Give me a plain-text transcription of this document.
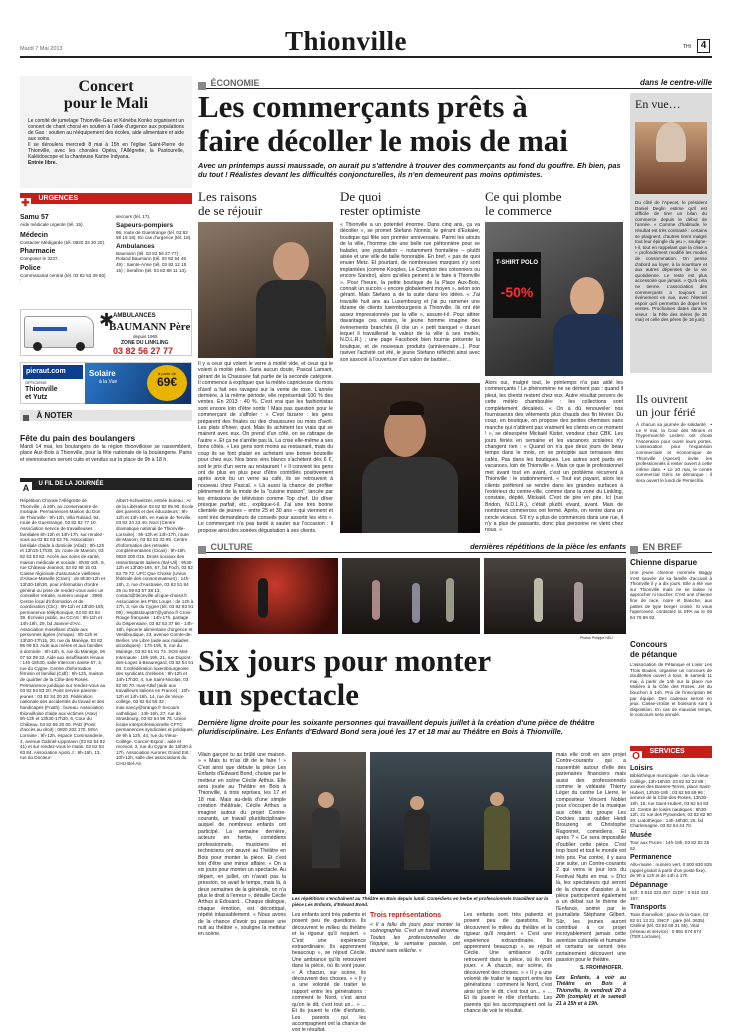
Mardi 7 Mai 2013	Thionville	THI 4
Concert
pour le Mali
Le comité de jumelage Thionville-Gao et Kénéba Konko organisent un concert de chant choral en soutien à l'aide d'urgence aux populations de Gao : soutien au rééquipement des écoles, aide alimentaire et aide aux soins.
Il se déroulera mercredi 8 mai à 15h en l'église Saint-Pierre de Thionville, avec les chorales Opéra, l'Allégrette, la Pastourelle, Kaléidoscope et la chanteuse Karine Indyana.
Entrée libre.
✚ $^{URGENCES}$
Samu 57
Aide médicale urgente (tél. 15).
Médecin
Contacter Médigarde (tél. 0820 33 20 20).
Pharmacie
Composer le 3237.
Police
Commissariat central (tél. 03 82 53 39 80) :
secours (tél. 17).
Sapeurs-pompiers
96, route de Guentrange (tél. 03 82 59 18 18). En cas d'urgence (tél. 18).
Ambulances
Baumann (tél. 03 82 56 27 77) ; Roland Baumann (tél. 03 82 54 49 49) ; Sainte-Anne (tél. 03 82 12 15 15) ; Serafinn (tél. 03 82 88 11 13).
✱
AMBULANCES
BAUMANN Père
depuis 1965
ZONE DU LINKLING
03 82 56 27 77
pieraut.com
OPTICIENS
Thionville
et Yutz
Solaire
à la Vue
à partir de
69€
$^{À NOTER}$
Fête du pain des boulangers
Mardi 14 mai, les boulangers de la région thionvilloise se rassemblent, place Aux-Bois à Thionville, pour la fête nationale de la boulangerie. Pains et viennoiseries seront cuits et vendus sur la place de 9h à 18 h.
A $^{U FIL DE LA JOURNÉE}$
Répétition Chorale l'Allégrette de Thionville : à 20h, au conservatoire de musique. Permanences Maison du Don de Thionville : 9h-12h, Villa Roland, 94, route de Guentrange, 03 82 82 77 10. Association service de travailleuses familiales 8h-12h et 14h-17h, sur rendez-vous au 03 82 53 53 75. Association familiale d'aide à domicile (Afad) : 8h-12h et 13h15-17h30, 15, route de Manom, 03 82 53 53 82. Accès aux soins de santé, maison médicale et sociale : 8h30-16h, 9, rue Château-Jeannot, 03 82 88 15 03. Caisse régionale d'assurance vieillesse d'Alsace-Moselle (Cram) : de 8h30-12h et 13h30-16h30, pour information d'ordre général ou prise de rendez-vous avec un conseiller retraite, numéro unique : 3960. Centre local d'information et de coordination (Clic) : 9h-11h et 13h30-16h, permanence téléphonique, 03 82 83 64 39. Écrivain public, au CCAS : 9h-11h et 14h-16h, 29, bd Joanne-d'Arc. Association mosellane d'aide aux personnes âgées (Amapa) : 8h-12h et 13h30-17h15, 20, rue du Manège, 03 82 85 09 53. Aide aux mères et aux familles à domicile : 9h-12h, 5, rue du Manège, 06 07 52 09 32. Aide aux insuffisants rénaux : 14h-15h30, salle Intercom sainte 57, 3, rue du Cygne. Centre d'information féminin et familial (Cidf) : 9h-12h, maison de quartier de la Côte-des-Roses. Permanence juridique sur rendez-vous au 03 82 54 83 20. Point service parents-jeunes : 03 82 34 20 20. Fédération nationale des accidentés du travail et des handicapés (Fnath) : bureau. Association thionvilloise d'aide aux victimes (Atav) : 9h-12h et 13h30-17h30, 6, Cour du Château, 03 82 59 20 00. PAD (Point d'accès au droit) : 0820 202 170. MSA Lorraine : 9h-12h, espace Commanderie, 2, avenue Gabriel-Lippmann (03 82 54 82 41) et sur rendez-vous le matin. 03 82 53 83 84. Association Apolo J : 9h-16h, 13, rue du Docteur-
Albert-Schweitzer, entrée bureau : Ar de la Libération 03 82 82 85 90. École des parents et des éducateurs : 9h-12h et 13h-16h, en mairie de Terville, 03 82 34 23 40. Noct (Centre dramatique national de Thionville-Lorraine) : 9h-12h et 14h-17h, route de Manom, 03 82 53 33 95. Centre d'information des retraités complémentaires (Cicas) : 9h-18h, 0820 200 015. Droits sociaux des ressortissants italiens (Ital-Uil) : 9h30-12h et 13h30-16h, 67, bd Foch, 03 82 53 79 72. UFC Que Choisir (Union fédérale des consommateurs) : 14h-18h, 2, rue d'Austrasie, 03 82 51 84 25 ou 09 63 57 38 13, contact@thionville.ufcque-choisir.fr. Association les P'tits Loups : de 14h à 17h, 3, rue du Cygne (tél. 03 82 83 91 09) ; lesptitsloups57@yahoo.fr Croix-Rouge française : 14h-17h, partage du Dispensaire, 03 82 53 37 66 - 14h-18h, épicerie alimentaire d'urgence et Vestiboutique, 23, avenue Comte-de-Berlier. Vie Libre (aide aux malades alcooliques) : 17h-19h, 5, rue du Manège, 03 82 51 81 74. SOS Mal-Internaute : 18h-19h, 21, rue Dupont-des-Loges à Beauregard, 03 82 54 61 93. Confédération luxembourgeoise des syndicats chrétiens : 9h-12h et 14h-17h30, 4, rue Saint-Nicolas, 03 82 80 70. Inas-Atlaf (aide aux travailleurs italiens en France) : 10h-12h et 14h-16h, 14, rue de Vieux-collège, 03 82 54 56 32 ; inas.nancy@orange.fr Secours catholique : 14h-16h, 27, rue de Strasbourg, 03 82 54 98 75. Union locale interprofessionnelle CFTC permanences syndicales et juridiques, de 9h à 12h, 44, rue du Vieux-Collège. Cancer-Espoir : aide et recevoir, 3, rue du Cygne de 15h30 à 17h. Association Aurores Grand Est : 10h-12h, salle des associations du CHU Bel-Air.
$^{ÉCONOMIE}$	dans le centre-ville
Les commerçants prêts à
faire décoller le mois de mai
Avec un printemps aussi maussade, on aurait pu s'attendre à trouver des commerçants au fond du gouffre. Eh bien, pas du tout ! Réalistes devant les difficultés conjoncturelles, ils n'en demeurent pas moins optimistes.
Les raisons
de se réjouir
De quoi
rester optimiste
Ce qui plombe
le commerce
« Thionville a un potentiel énorme. Dans cinq ans, ça va décoller », se promet Stefano Nonnis, le gérant d'Eskaler, boutique qui fête son premier anniversaire. Parmi les atouts de la ville, l'homme cite une belle rue piétonnière pour se balader, une population – notamment frontalière – plutôt aisée et une ville de taille honorable. En bref, « pas de quoi enuier Metz. Et pourtant, de nombreuses marques s'y sont implantées (comme Kooples, Le Comptoir des cotonniers ou encore Sandro), alors qu'elles peinent à le faire à Thionville ». Pour l'heure, la petite boutique de la Place Aux-Bois, connait un succès « encore globalement moyen », selon son gérant. Mais Stefano a de la suite dans les idées. « J'ai travaillé huit ans au Luxembourg et j'ai pu ramener une dizaine de clients luxembourgeois à Thionville. Ils ont été assez impressionnés par la ville », assure-t-il. Pour attirer davantage ces voisins, le jeune homme imagine des événements branchés (il cite un « petit banquet » durant lequel il travaillerait la valeur de la ville à ses invités, N.D.L.R.) ; une page Facebook bien fournie présente la boutique, et de nouveaux produits (anniversaire...). Pour raviver l'activité cet été, le jeune Stefano réfléchit ainsi avec son associé à l'ouverture d'un salon de barbier...
T-SHIRT POLO
-50%
Il y a ceux qui voient le verre à moitié vide, et ceux qui le voient à moitié plein. Sans aucun doute, Pascal Lamant, gérant de la Chaussée fait partie de la seconde catégorie. Il commence à expliquer que la météo capricieuse du mois d'avril a fait ses ravages sur la vente de rose. L'année dernière, à la même période, elle représentait 100 % des ventes. En 2013 : 40 %. C'est vrai que les fashionistas sont encore loin d'être sortis ! Mais pas question pour le commerçant de s'affoler : « C'est bizarre : les gens préparent des finales ou des chaussures ou mois d'avril. Les plats d'hiver, quoi. Mais ils achètent les vrais qui se mairent avec eux. On prend d'un côté, on se rattrape de l'autre ». Et ça ne s'arrête pas là. La crise elle-même a ses bons côtés. « Les gens sont moins au restaurant, mais du coup ils se font plaisir en achetant une bonne bouteille pour chez eux. Nos bons vins blancs s'achètent dès 6 €, soit le prix d'un verre au restaurant ! » Il convient les gens ont de plus en plus peur d'être contrôlés positivement après avoir bu un verre au café, ils se retrouvent à nouveau chez Pascal. « Là aussi la chance de profiter pleinement de la mode de la "cuisine maison", lancée par les émissions de télévision comme Top chef. Un dîner presque parfait, etc., explique-t-il. J'ai une très bonne clientèle de jeunes – entre 25 et 30 ans – qui viennent et sont très demandeurs de conseils pour assortir les vins ». Le commerçant n'a pas tardé à sauter sur l'occasion : il propose ainsi des soirées dégustation à ses clients.
Alors oui, malgré tout, le printemps n'a pas aidé les commerçants ! Le phénomène ne se dément pas : quand il pleut, les clients restent chez eux. Autre résultat pervers de cette météo chamboulée : les collections sont complètement décalées. « On a dû renouveler nos fournisseurs des vêtements plus chauds des fin février. Du coup, en boutique, on propose des petites chemises sans manche qui n'attirent pas vraiment les clients en ce moment ! », se désespère Mickaël Kister, vendeur chez CBK. Les jours fériés en semaine et les vacances scolaires n'y changent rien : « Quand on n'a que deux jours de beau temps dans le mois, on se précipite aux terrasses des cafés. Pas dans les boutiques. Les autres sont partis en vacances, loin de Thionville ». Mais ce que le professionnel met avant tout en avant, c'est un problème récurrent à Thionville : le stationnement. « Tout est payant, alors les clients préfèrent se rendre dans les grandes surfaces à l'extérieur du centre-ville, comme dans la zone du Linkling, constate, dépité, Mickaël. C'est de pire en pire. Ici (rue Bridon, N.D.L.R.), c'était plutôt vivant, avant. Mais de nombreux commerces ont fermé. Après, on rentre dans un cercle vicieux. S'il n'y a plus de commerces dans une rue, il n'y a plus de passants, donc plus personne ne vient chez nous. »
En vue…
Du côté de l'Apecet, le président Daniel Deglin estime qu'il est difficile de tirer un bilan du commerce depuis le début de l'année. « Comme d'habitude, le résultat est très contrasté : certains se plaignent, d'autres tirent malgré tout leur épingle du jeu », souligne-t-il, tout en rappelant que la crise a « profondément modifié les modes de consommation. On pense d'abord au loyer, à la nourriture et aux autres dépenses de la vie quotidienne. Le reste est plus accessoire que jamais. » Qu'à cela ne tienne. L'association des commerçants a toujours un événement en vue, avec l'éternel espoir qu'il permettra de doper les ventes. Prochaines dates dans le viseur : la Fête des mères (le 26 mai) et celle des pères (le 16 juin).
Ils ouvrent
un jour férié
À chacun sa journée de solidarité : • Le 9 mai, la Cour des Miroirs et l'hypermarché Leclerc ont choisi l'Ascension pour ouvrir leurs portes. L'association pour l'expansion commerciale et économique de Thionville (Apecet) invite les professionnels à rester ouvert à cette même date. • Le 20 mai, le centre commercial Géric se démarque : il sera ouvert le lundi de Pentecôte.
$^{CULTURE}$	dernières répétitions de la pièce les enfants
Photos Philippe NEU
Six jours pour monter
un spectacle
Dernière ligne droite pour les soixante personnes qui travaillent depuis juillet à la création d'une pièce de théâtre pluridisciplinaire. Les Enfants d'Edward Bond sera joué les 17 et 18 mai au Théâtre en Bois à Thionville.
Vilain garçon tu as brûlé une maison. » « Mais tu m'as dit de le faire ! » C'est ainsi que débute la pièce Les Enfants d'Edward Bond, choisie par le metteur en scène Cécile Arthus. Elle sera jouée au Théâtre en Bois à Thionville, à trois reprises, les 17 et 18 mai. Mais au-delà d'une simple création théâtrale, Cécile Arthus a imaginé autour du projet Contre-courants, un travail pluridisciplinaire auquel de nombreux enfants ont participé. La semaine dernière, acteurs en herbe, comédiens professionnels, musiciens et techniciens ont œuvré au Théâtre en Bois pour monter la pièce. Et c'est loin d'être une mince affaire. « On a six jours pour monter un spectacle. Au départ, en juillet, on n'avait pas la pression, on avait le temps, mais là, à deux semaines de la générale, on n'a plus le droit à l'erreur », détaille Cécile Arthus à Edouard... Chaque dialogue, chaque émotion, est décortiqué, répété inlassablement. « Nous avons de la chance d'avoir pu passer une nuit au théâtre », souligne la metteur en scène.
mais elle croit en son projet Contre-courants qui a rassemblé autour d'elle des partenaires financiers mais aussi des professionnels comme le vidéaste Thierry Léger du centre Le Lierre, le compositeur Vincent Noblet pour s'occuper de la musique aux côtés du groupe Les Dockies sans oublier Heidi Brouzeng et Christophe Ragonnet, comédiens. Et après ? « Ce sera impossible d'oublier cette pièce. C'est trop lourd et tout le monde est très pris. Par contre, il y aura une suite, un Contre-courants 2 qui verra le jour lors du Festival Nuits en mai. » D'ici là, les spectateurs qui seront de la chance d'assister à la pièce participeront également à un débat sur le thème de l'Enfance, animé par le journaliste Stéphane Gilbert. Sûr, les jeunes auront contribué à ce projet incroyablement jamais cette aventure culturelle et humaine et certains se seront très certainement découvert une passion pour le théâtre.
Les répétitions s'enchaînent au Théâtre en Bois depuis lundi. Comédiens en herbe et professionnels travaillent sur la pièce Les Enfants, d'Edward Bond.
Les enfants sont très patients et posent peu de questions. Ils découvrent le milieu du théâtre et la rigueur qu'il requiert. « C'est une expérience extraordinaire. Ils apprennent beaucoup », se réjouit Cécile. Une ambiance qu'ils retrouvent dans la pièce, où ils vont jouer. « À chacun, sur scène, ils découvrent des choses. » « Il y a une volonté de traiter le rapport entre les générations : comment le Nord, c'est ainsi qu'on le dit, c'est tout un... » ... Et ils jouent le rôle d'enfants. Les parents qui les accompagnent ont la chance de voir le résultat.
Trois représentations
« Il a fallu dix jours pour monter la scénographie. C'est un travail énorme. Toutes les professionnelles de l'équipe, la semaine passée, ont œuvré sans relâche. »
Les enfants sont très patients et posent peu de questions. Ils découvrent le milieu du théâtre et la rigueur qu'il requiert. « C'est une expérience extraordinaire. Ils apprennent beaucoup », se réjouit Cécile. Une ambiance qu'ils retrouvent dans la pièce, où ils vont jouer. « À chacun, sur scène, ils découvrent des choses. » « Il y a une volonté de traiter le rapport entre les générations : comment le Nord, c'est ainsi qu'on le dit, c'est tout un... » ... Et ils jouent le rôle d'enfants. Les parents qui les accompagnent ont la chance de voir le résultat.
S. FROHNHOFER.
Les Enfants, à voir au Théâtre en Bois à Thionville, le vendredi 20 à 20h (complet) et le samedi 21 à 15h et à 19h.
$^{EN BREF}$
Chienne disparue
Une jeune chienne nommée Baggy s'est sauvée de sa famille d'accueil à Thionville il y a dix jours. Elle a été vue sur Thionville mais ne se laisse ni approcher ni toucher. C'est une chienne fine de race, noire et blanche, aux pattes de type berger croisé. Si vous l'apercevez, contactez la SPA au le 06 64 76 86 92.
Concours
de pétanque
L'association de Pétanque et Loisir Les Trois Boules, organise un concours de doublettes ouvert à tous, le samedi 11 mai, à partir de 14h sur la place rue Molière à la Côte des Roses. Jet du bouchon à 14h. Prix de l'inscription 8€ par équipe. Des cadeaux seront en jeux. Casse-croûte et boissons sont à disposition. En cas de mauvais temps, le concours sera annulé.
O $^{SERVICES}$
Loisirs
Bibliothèque municipale : rue du Vieux-Collège, 13h-18h30. 03 82 52 22 88 ; annexe des Basses-Terres, place Saint-Hubert, 13h30-18h ; 03 82 56 59 96 ; annexe de la Côte-des-Roses, 13h30-18h, 15, rue Saint-Hubert, 03 82 54 83 22. Centre de loisirs nautiques : 8h30-12h, 21 rue des Pyramides, 03 82 82 90 20. Ludothèque : 14h-18h30, 26, bd Charlemagne, 03 82 54 44 70.
Musée
Tour aux Puces : 14h-18h, 03 82 82 25 52.
Permanence
Allo-mairie : numéro vert, 0 800 830 825 (appel gratuit à partir d'un poste fixe), de 9h à 12h et de 14h à 17h.
Dépannage
Edf : 0 810 333 457. GrDF : 0 810 433 157.
Transports
Taxis thionvillois : place de la Gare, 03 82 51 13 31. SNCF : gare (tél. 3635). Citéline (tél. 03 82 59 31 55). Vital (réseau et service) : 0 891 674 674 (TER Lorraine).
